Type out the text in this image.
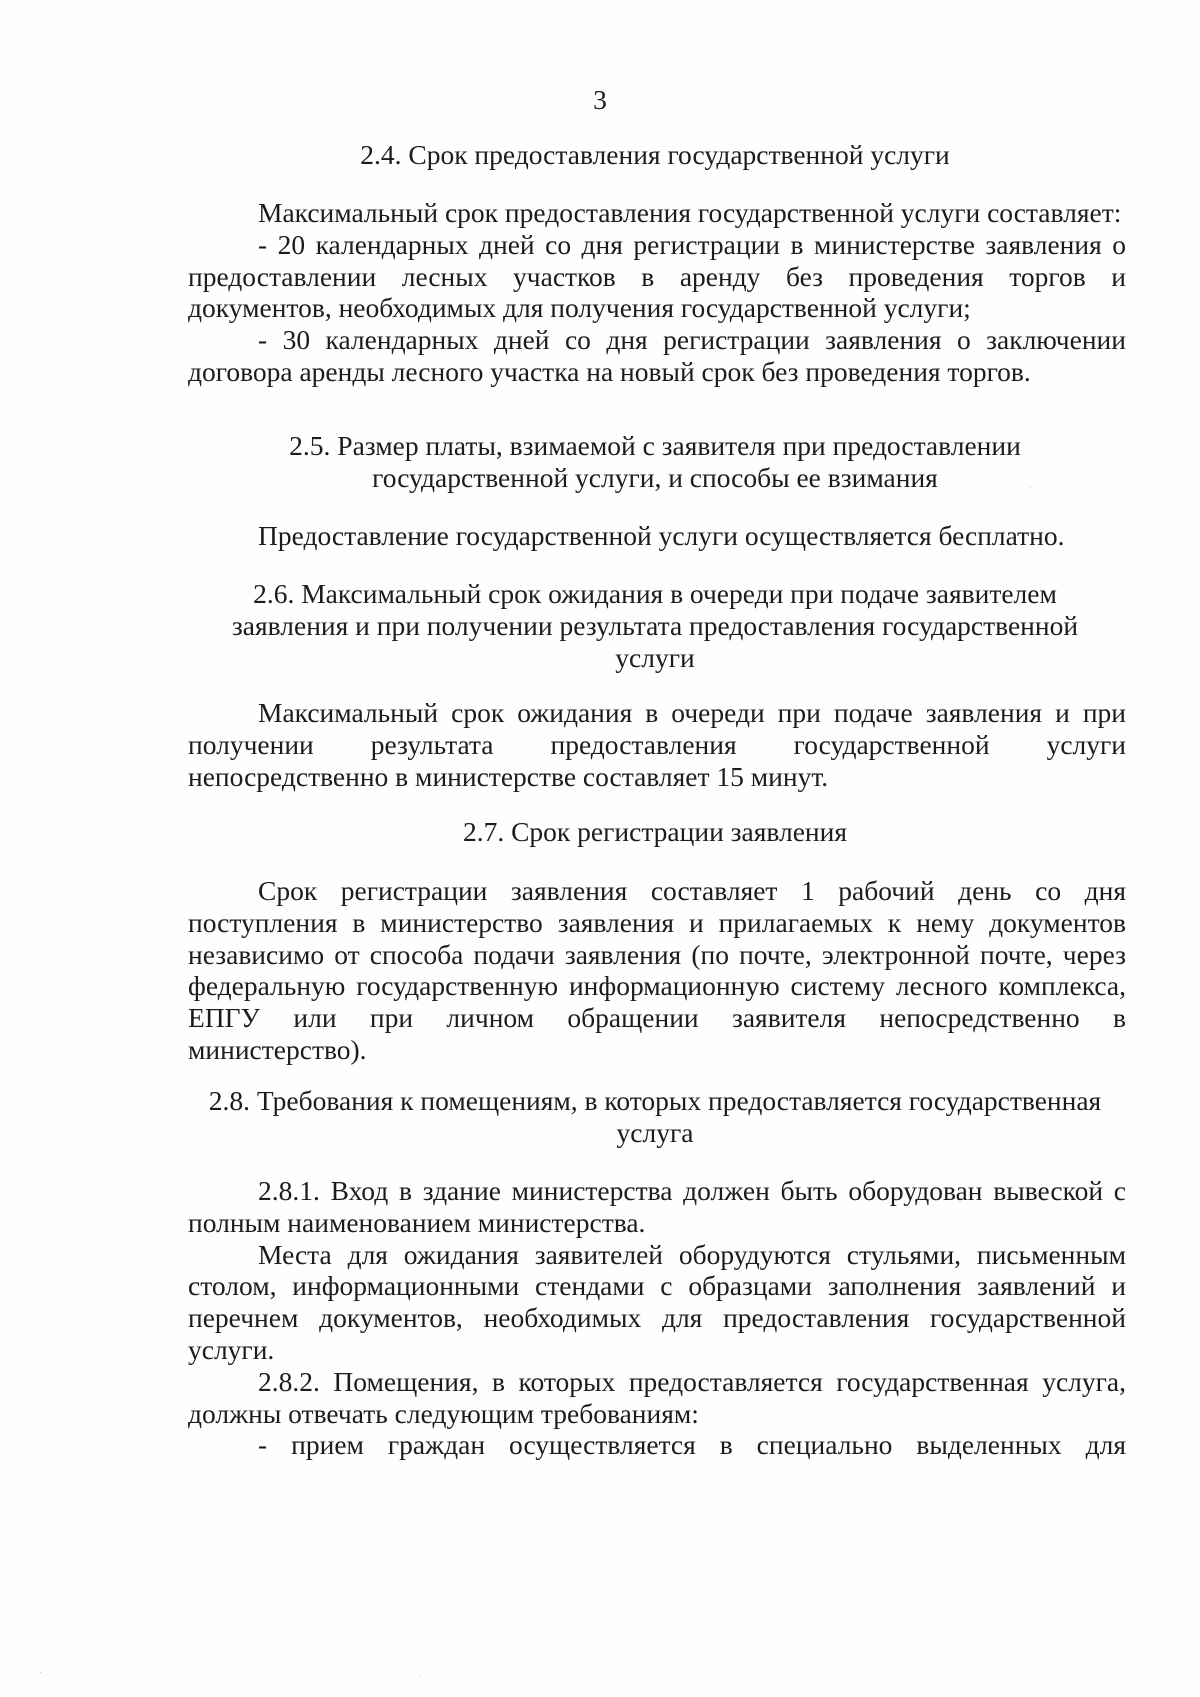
3
2.4. Срок предоставления государственной услуги

Максимальный срок предоставления государственной услуги составляет:

- 20 календарных дней со дня регистрации в министерстве заявления о предоставлении лесных участков в аренду без проведения торгов и документов, необходимых для получения государственной услуги;

- 30 календарных дней со дня регистрации заявления о заключении договора аренды лесного участка на новый срок без проведения торгов.

2.5. Размер платы, взимаемой с заявителя при предоставлении
государственной услуги, и способы ее взимания

Предоставление государственной услуги осуществляется бесплатно.

2.6. Максимальный срок ожидания в очереди при подаче заявителем
заявления и при получении результата предоставления государственной
услуги

Максимальный срок ожидания в очереди при подаче заявления и при получении результата предоставления государственной услуги непосредственно в министерстве составляет 15 минут.

2.7. Срок регистрации заявления

Срок регистрации заявления составляет 1 рабочий день со дня поступления в министерство заявления и прилагаемых к нему документов независимо от способа подачи заявления (по почте, электронной почте, через федеральную государственную информационную систему лесного комплекса, ЕПГУ или при личном обращении заявителя непосредственно в министерство).

2.8. Требования к помещениям, в которых предоставляется государственная
услуга

2.8.1. Вход в здание министерства должен быть оборудован вывеской с полным наименованием министерства.

Места для ожидания заявителей оборудуются стульями, письменным столом, информационными стендами с образцами заполнения заявлений и перечнем документов, необходимых для предоставления государственной услуги.

2.8.2. Помещения, в которых предоставляется государственная услуга, должны отвечать следующим требованиям:

- прием граждан осуществляется в специально выделенных для
